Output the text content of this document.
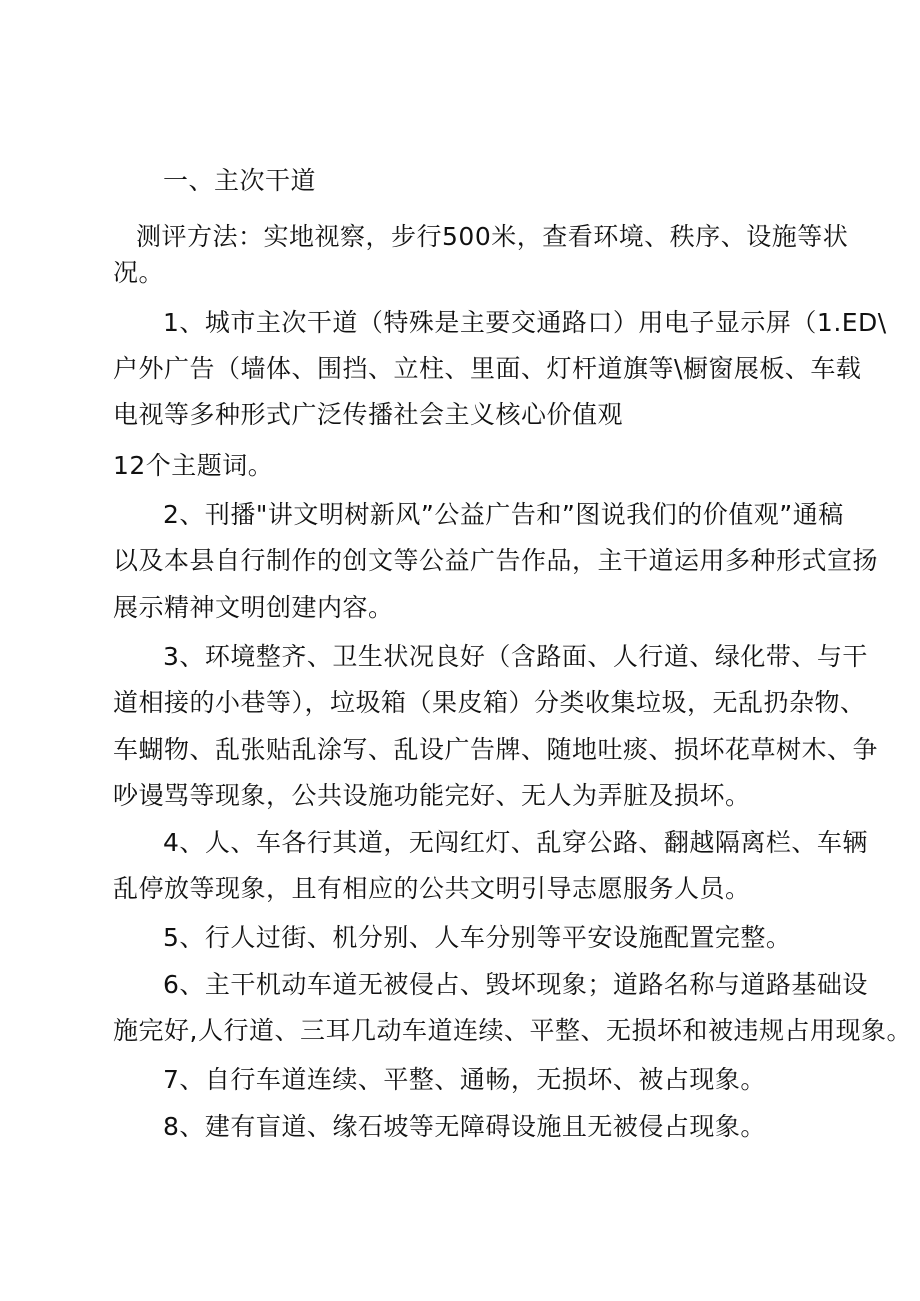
一、主次干道
测评方法：实地视察，步行500米，查看环境、秩序、设施等状
况。
1、城市主次干道（特殊是主要交通路口）用电子显示屏（1.ED\
户外广告（墙体、围挡、立柱、里面、灯杆道旗等\橱窗展板、车载
电视等多种形式广泛传播社会主义核心价值观
12个主题词。
2、刊播"讲文明树新风”公益广告和”图说我们的价值观”通稿
以及本县自行制作的创文等公益广告作品，主干道运用多种形式宣扬
展示精神文明创建内容。
3、环境整齐、卫生状况良好（含路面、人行道、绿化带、与干
道相接的小巷等），垃圾箱（果皮箱）分类收集垃圾，无乱扔杂物、
车蝴物、乱张贴乱涂写、乱设广告牌、随地吐痰、损坏花草树木、争
吵谩骂等现象，公共设施功能完好、无人为弄脏及损坏。
4、人、车各行其道，无闯红灯、乱穿公路、翻越隔离栏、车辆
乱停放等现象，且有相应的公共文明引导志愿服务人员。
5、行人过街、机分别、人车分别等平安设施配置完整。
6、主干机动车道无被侵占、毁坏现象；道路名称与道路基础设
施完好,人行道、三耳几动车道连续、平整、无损坏和被违规占用现象。
7、自行车道连续、平整、通畅，无损坏、被占现象。
8、建有盲道、缘石坡等无障碍设施且无被侵占现象。
